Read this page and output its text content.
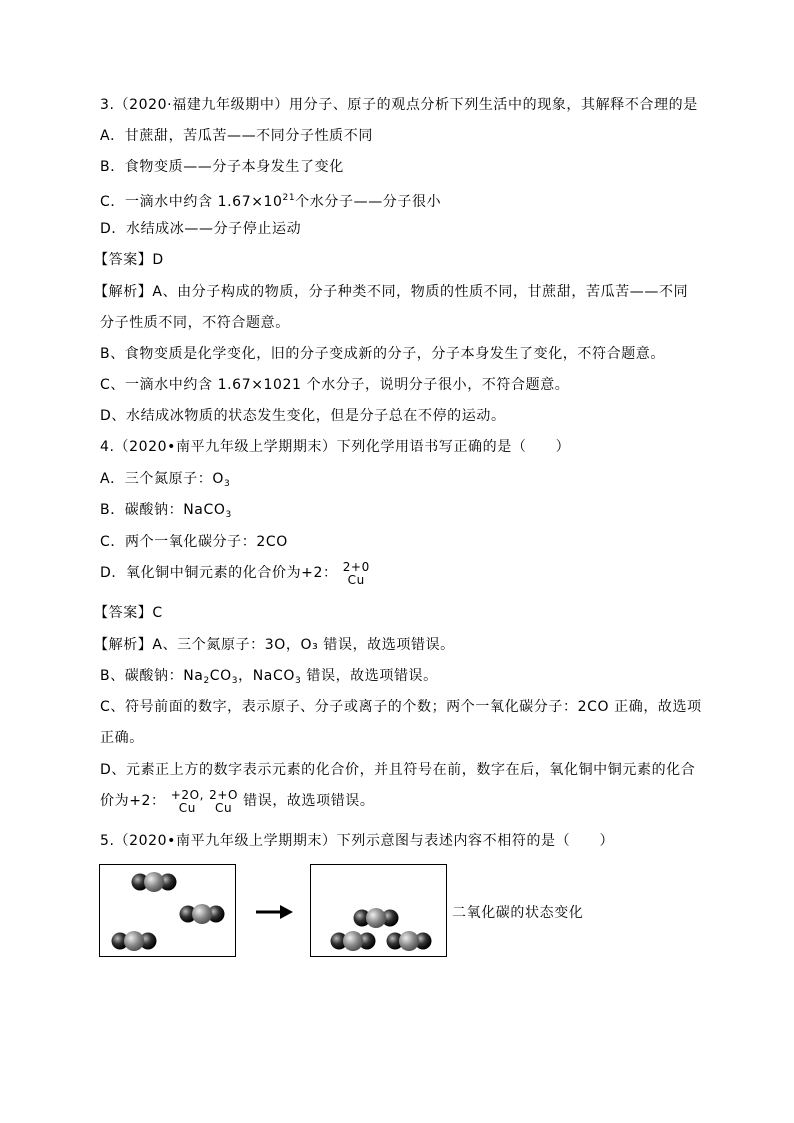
3.（2020·福建九年级期中）用分子、原子的观点分析下列生活中的现象，其解释不合理的是
A．甘蔗甜，苦瓜苦——不同分子性质不同
B．食物变质——分子本身发生了变化
C．一滴水中约含 $1.67\times 10^{21}$个水分子——分子很小
D．水结成冰——分子停止运动
【答案】D
【解析】A、由分子构成的物质，分子种类不同，物质的性质不同，甘蔗甜，苦瓜苦——不同
分子性质不同，不符合题意。
B、食物变质是化学变化，旧的分子变成新的分子，分子本身发生了变化，不符合题意。
C、一滴水中约含 1.67×1021 个水分子，说明分子很小，不符合题意。
D、水结成冰物质的状态发生变化，但是分子总在不停的运动。
4.（2020•南平九年级上学期期末）下列化学用语书写正确的是（　　）
A．三个氮原子：$O_3$
B．碳酸钠：NaCO$_3$
C．两个一氧化碳分子：2CO
D．氧化铜中铜元素的化合价为+2： 2+0
Cu
【答案】C
【解析】A、三个氮原子：3O，O₃ 错误，故选项错误。
B、碳酸钠：$Na_2CO_3$，NaCO$_3$ 错误，故选项错误。
C、符号前面的数字，表示原子、分子或离子的个数；两个一氧化碳分子：2CO 正确，故选项
正确。
D、元素正上方的数字表示元素的化合价，并且符号在前，数字在后，氧化铜中铜元素的化合
价为+2： +2O,
Cu

2+O
Cu 错误，故选项错误。
5.（2020•南平九年级上学期期末）下列示意图与表述内容不相符的是（　　）
二氧化碳的状态变化
